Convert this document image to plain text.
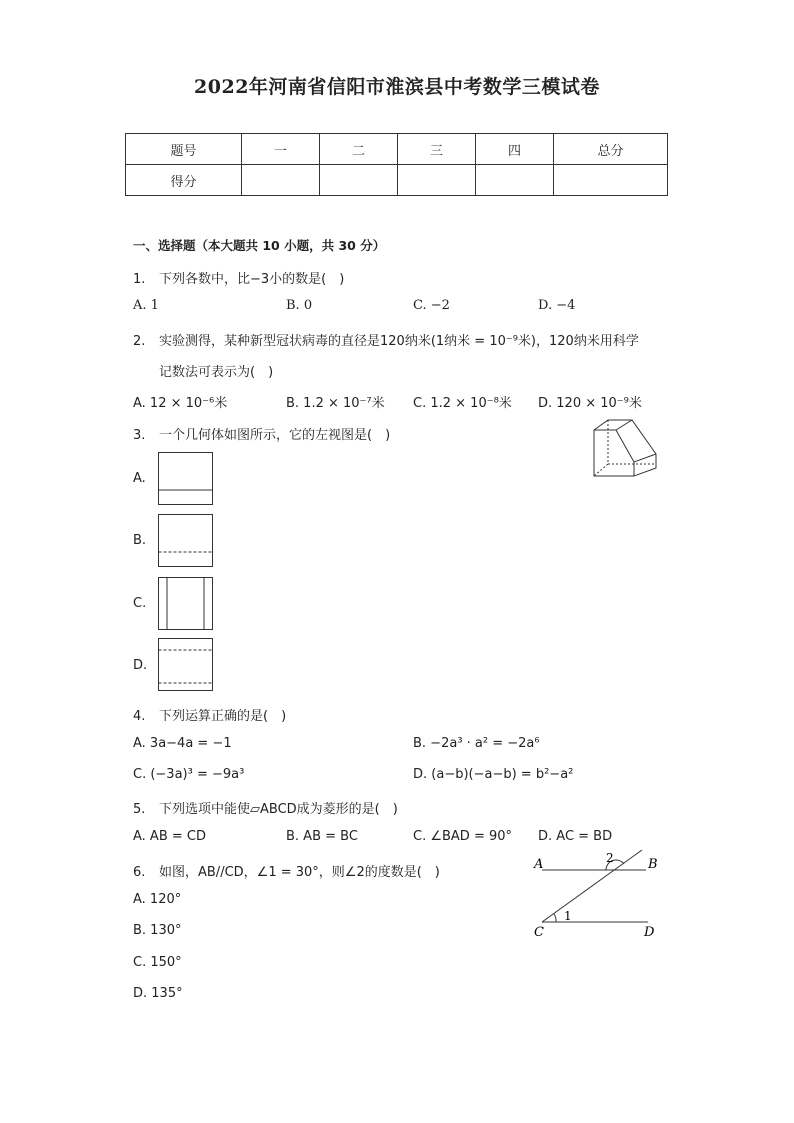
2022年河南省信阳市淮滨县中考数学三模试卷
题号	一	二	三	四	总分
得分					
一、选择题（本大题共 10 小题，共 30 分）
1. 下列各数中，比−3小的数是(　)
A. 1	B. 0	C. −2	D. −4
2. 实验测得，某种新型冠状病毒的直径是120纳米(1纳米 = 10⁻⁹米)，120纳米用科学
记数法可表示为(　)
A. 12 × 10⁻⁶米	B. 1.2 × 10⁻⁷米 C. 1.2 × 10⁻⁸米 D. 120 × 10⁻⁹米
3. 一个几何体如图所示，它的左视图是(　)
A.
B.
C.
D.
4. 下列运算正确的是(　)
A. 3a−4a = −1	B. −2a³ · a² = −2a⁶
C. (−3a)³ = −9a³	D. (a−b)(−a−b) = b²−a²
5. 下列选项中能使▱ABCD成为菱形的是(　)
A. AB = CD	B. AB = BC	C. ∠BAD = 90° D. AC = BD
6. 如图，AB//CD，∠1 = 30°，则∠2的度数是(　)
A. 120°
B. 130°
C. 150°
D. 135°
A	B
C	D
1
2
